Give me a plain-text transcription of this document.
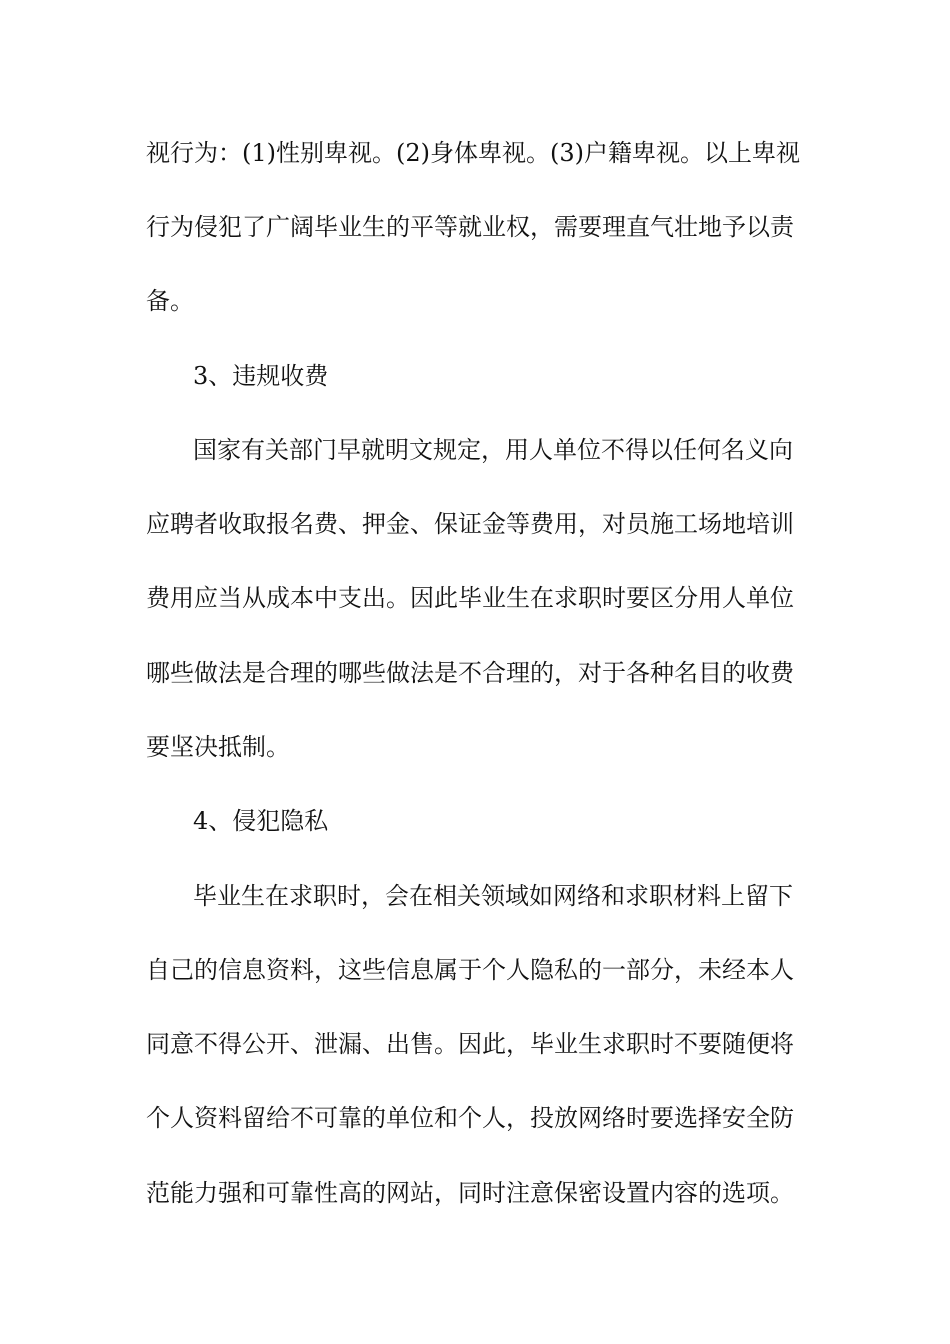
视行为：(1)性别卑视。(2)身体卑视。(3)户籍卑视。以上卑视
行为侵犯了广阔毕业生的平等就业权，需要理直气壮地予以责
备。
3、违规收费
国家有关部门早就明文规定，用人单位不得以任何名义向
应聘者收取报名费、押金、保证金等费用，对员施工场地培训
费用应当从成本中支出。因此毕业生在求职时要区分用人单位
哪些做法是合理的哪些做法是不合理的，对于各种名目的收费
要坚决抵制。
4、侵犯隐私
毕业生在求职时，会在相关领域如网络和求职材料上留下
自己的信息资料，这些信息属于个人隐私的一部分，未经本人
同意不得公开、泄漏、出售。因此，毕业生求职时不要随便将
个人资料留给不可靠的单位和个人，投放网络时要选择安全防
范能力强和可靠性高的网站，同时注意保密设置内容的选项。
